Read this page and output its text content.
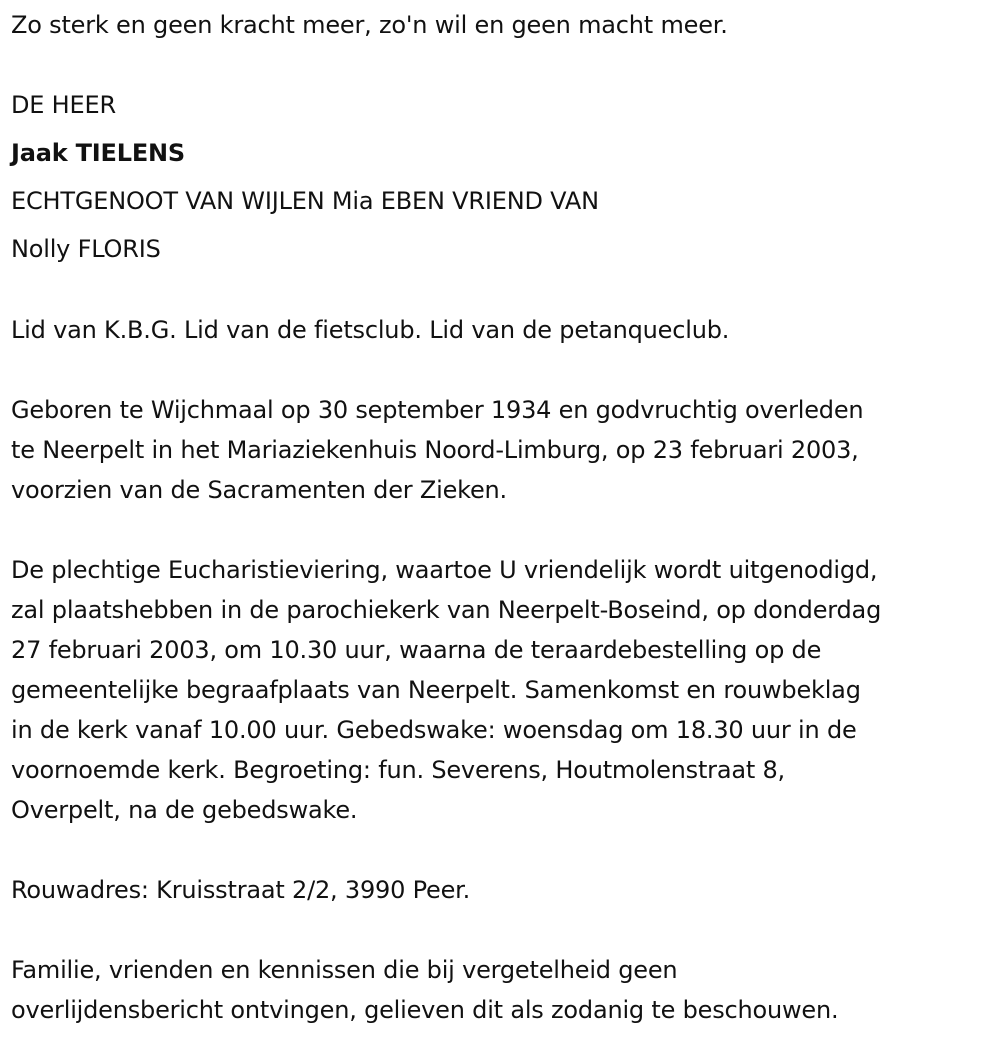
Zo sterk en geen kracht meer, zo'n wil en geen macht meer.
DE HEER
Jaak TIELENS
ECHTGENOOT VAN WIJLEN Mia EBEN VRIEND VAN
Nolly FLORIS
Lid van K.B.G. Lid van de fietsclub. Lid van de petanqueclub.
Geboren te Wijchmaal op 30 september 1934 en godvruchtig overleden
te Neerpelt in het Mariaziekenhuis Noord-Limburg, op 23 februari 2003,
voorzien van de Sacramenten der Zieken.
De plechtige Eucharistieviering, waartoe U vriendelijk wordt uitgenodigd,
zal plaatshebben in de parochiekerk van Neerpelt-Boseind, op donderdag
27 februari 2003, om 10.30 uur, waarna de teraardebestelling op de
gemeentelijke begraafplaats van Neerpelt. Samenkomst en rouwbeklag
in de kerk vanaf 10.00 uur. Gebedswake: woensdag om 18.30 uur in de
voornoemde kerk. Begroeting: fun. Severens, Houtmolenstraat 8,
Overpelt, na de gebedswake.
Rouwadres: Kruisstraat 2/2, 3990 Peer.
Familie, vrienden en kennissen die bij vergetelheid geen
overlijdensbericht ontvingen, gelieven dit als zodanig te beschouwen.
